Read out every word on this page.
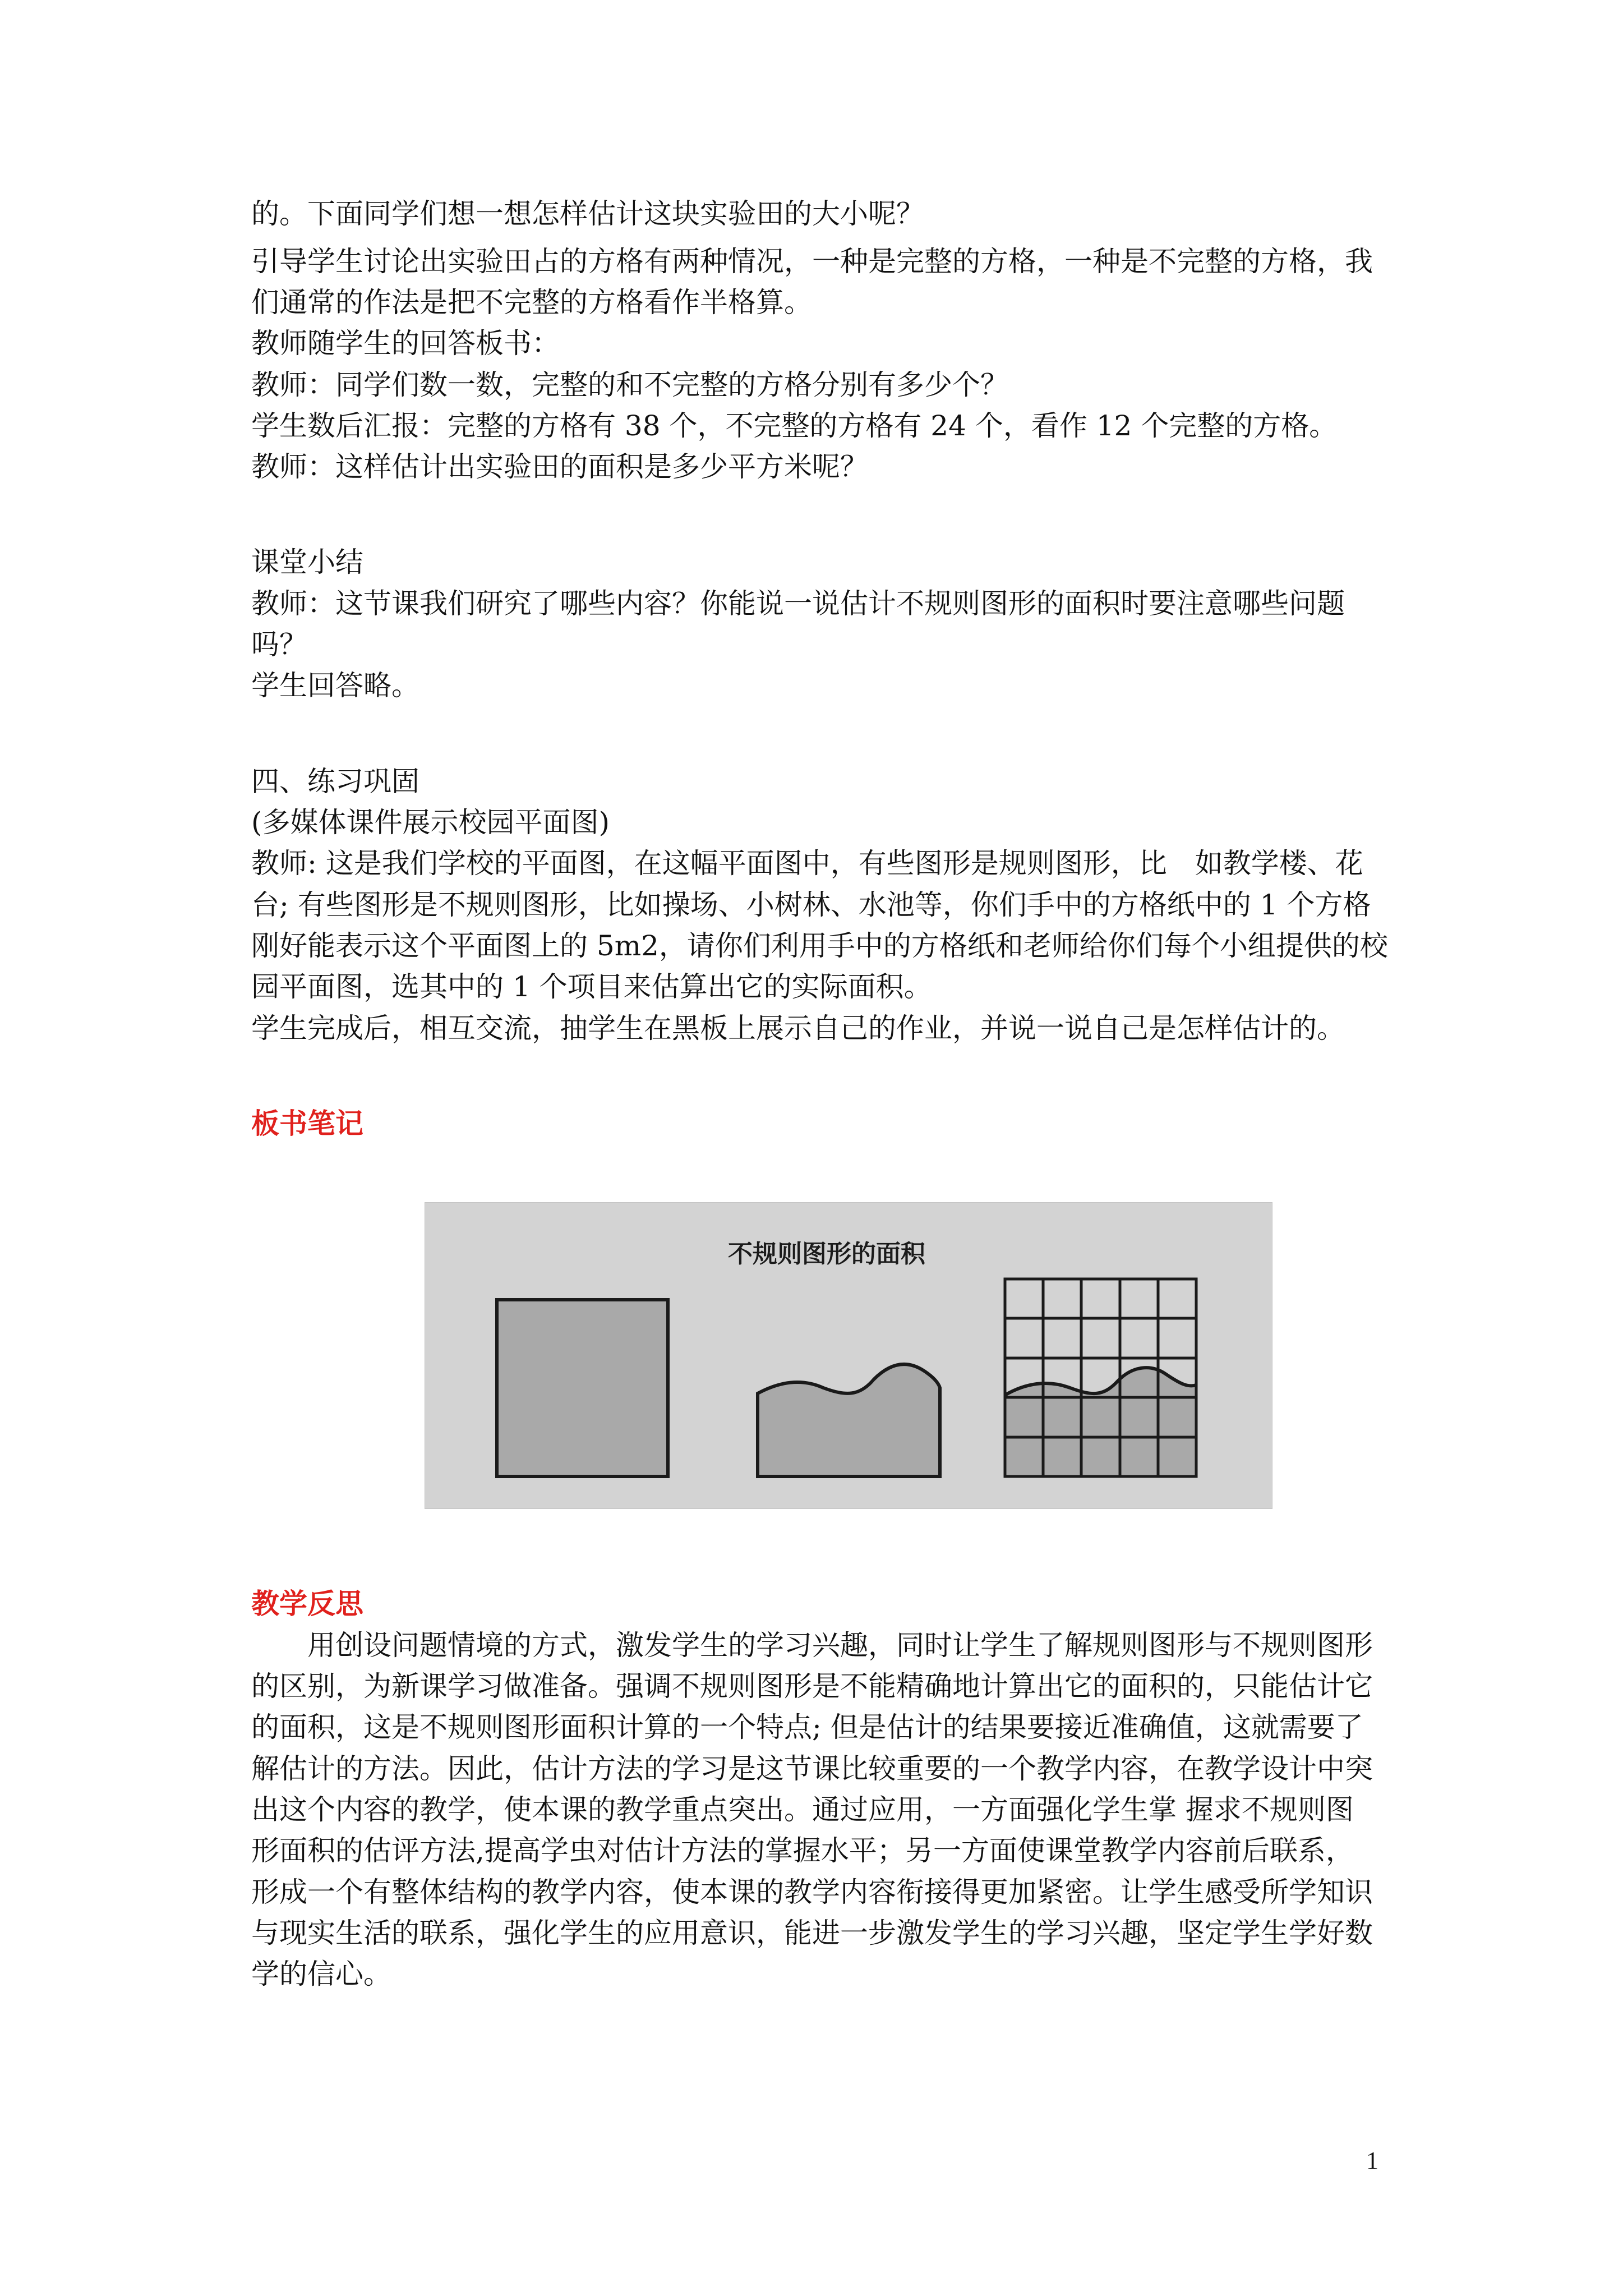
的。下面同学们想一想怎样估计这块实验田的大小呢？

引导学生讨论出实验田占的方格有两种情况，一种是完整的方格，一种是不完整的方格，我

们通常的作法是把不完整的方格看作半格算。

教师随学生的回答板书：

教师：同学们数一数，完整的和不完整的方格分别有多少个？

学生数后汇报：完整的方格有 38 个，不完整的方格有 24 个，看作 12 个完整的方格。

教师：这样估计出实验田的面积是多少平方米呢？

课堂小结

教师：这节课我们研究了哪些内容？你能说一说估计不规则图形的面积时要注意哪些问题

吗？

学生回答略。

四、练习巩固

(多媒体课件展示校园平面图)

教师: 这是我们学校的平面图，在这幅平面图中，有些图形是规则图形，比　如教学楼、花

台; 有些图形是不规则图形，比如操场、小树林、水池等，你们手中的方格纸中的 1 个方格

刚好能表示这个平面图上的 5m2，请你们利用手中的方格纸和老师给你们每个小组提供的校

园平面图，选其中的 1 个项目来估算出它的实际面积。

学生完成后，相互交流，抽学生在黑板上展示自己的作业，并说一说自己是怎样估计的。

板书笔记

不规则图形的面积

教学反思

用创设问题情境的方式，激发学生的学习兴趣，同时让学生了解规则图形与不规则图形

的区别，为新课学习做准备。强调不规则图形是不能精确地计算出它的面积的，只能估计它

的面积，这是不规则图形面积计算的一个特点; 但是估计的结果要接近准确值，这就需要了

解估计的方法。因此，估计方法的学习是这节课比较重要的一个教学内容，在教学设计中突

出这个内容的教学，使本课的教学重点突出。通过应用，一方面强化学生掌 握求不规则图

形面积的估评方法,提高学虫对估计方法的掌握水平；另一方面使课堂教学内容前后联系，

形成一个有整体结构的教学内容，使本课的教学内容衔接得更加紧密。让学生感受所学知识

与现实生活的联系，强化学生的应用意识，能进一步激发学生的学习兴趣，坚定学生学好数

学的信心。

1
